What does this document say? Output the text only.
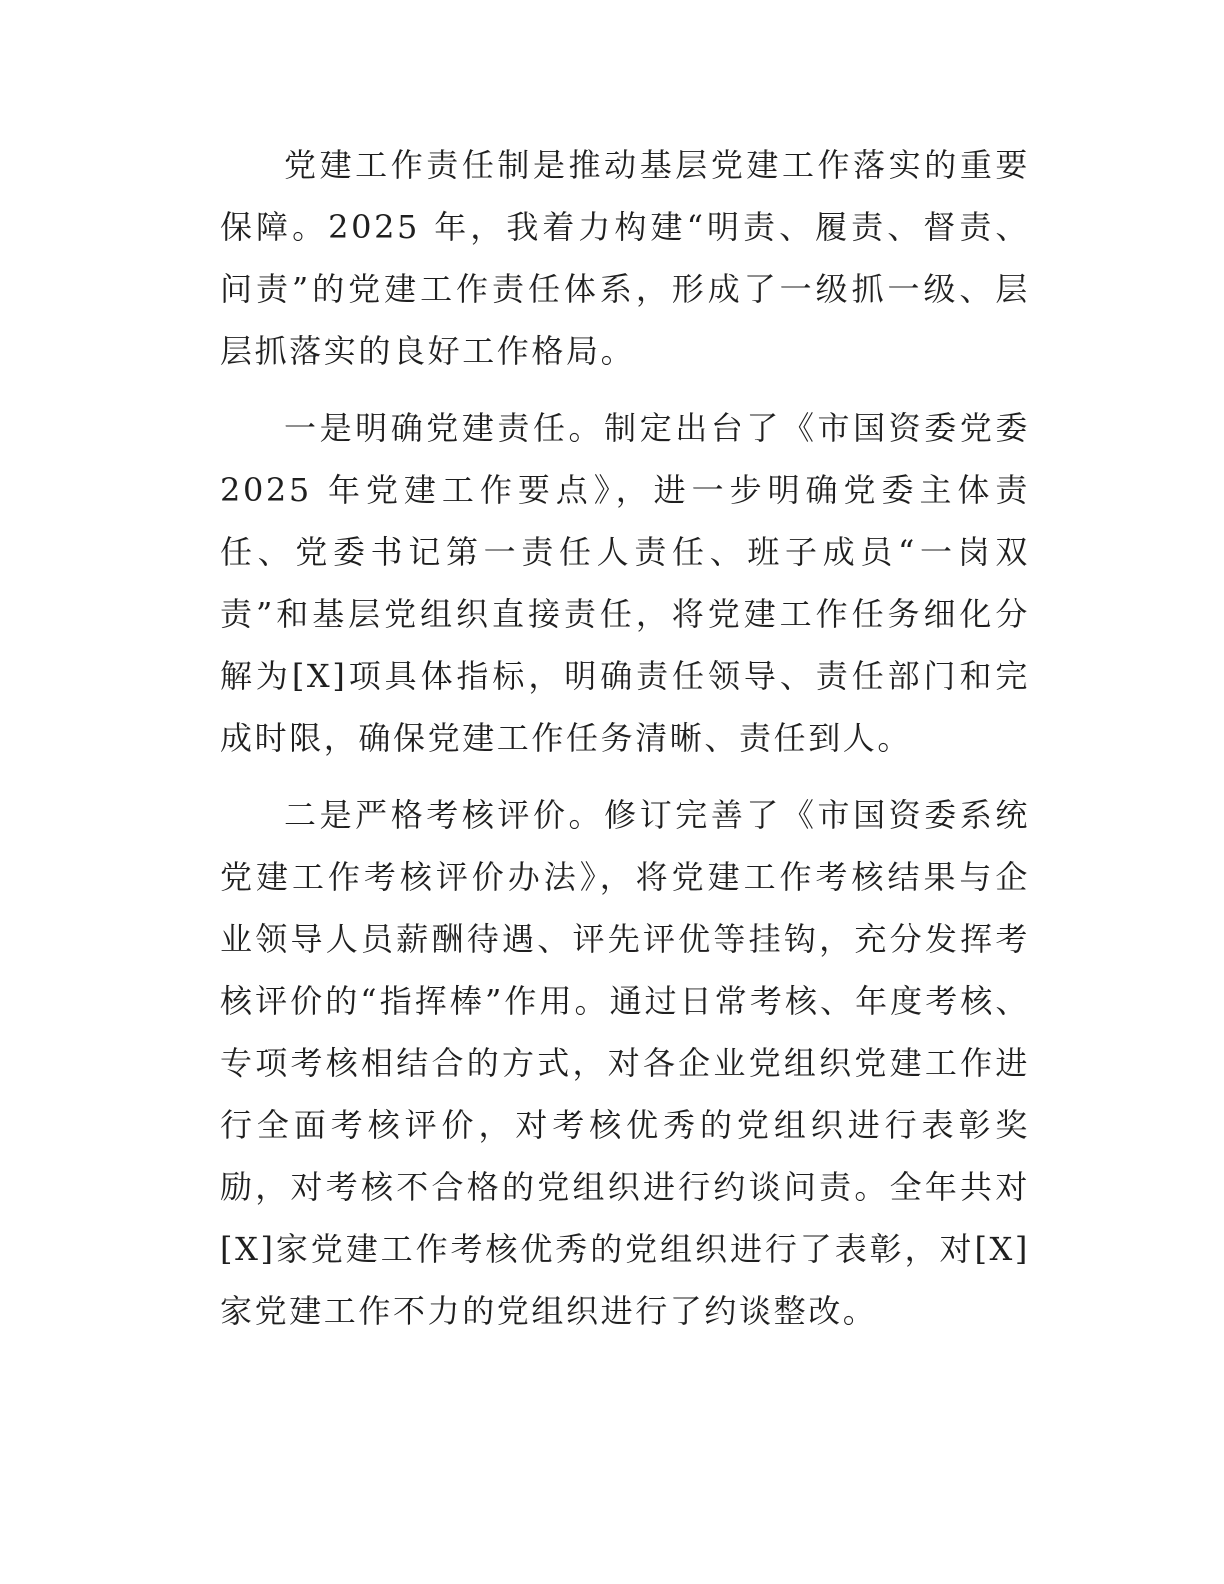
党建工作责任制是推动基层党建工作落实的重要保障。2025 年，我着力构建“明责、履责、督责、问责”的党建工作责任体系，形成了一级抓一级、层层抓落实的良好工作格局。

一是明确党建责任。制定出台了《市国资委党委 2025 年党建工作要点》，进一步明确党委主体责任、党委书记第一责任人责任、班子成员“一岗双责”和基层党组织直接责任，将党建工作任务细化分解为[X]项具体指标，明确责任领导、责任部门和完成时限，确保党建工作任务清晰、责任到人。

二是严格考核评价。修订完善了《市国资委系统党建工作考核评价办法》，将党建工作考核结果与企业领导人员薪酬待遇、评先评优等挂钩，充分发挥考核评价的“指挥棒”作用。通过日常考核、年度考核、专项考核相结合的方式，对各企业党组织党建工作进行全面考核评价，对考核优秀的党组织进行表彰奖励，对考核不合格的党组织进行约谈问责。全年共对[X]家党建工作考核优秀的党组织进行了表彰，对[X]家党建工作不力的党组织进行了约谈整改。
